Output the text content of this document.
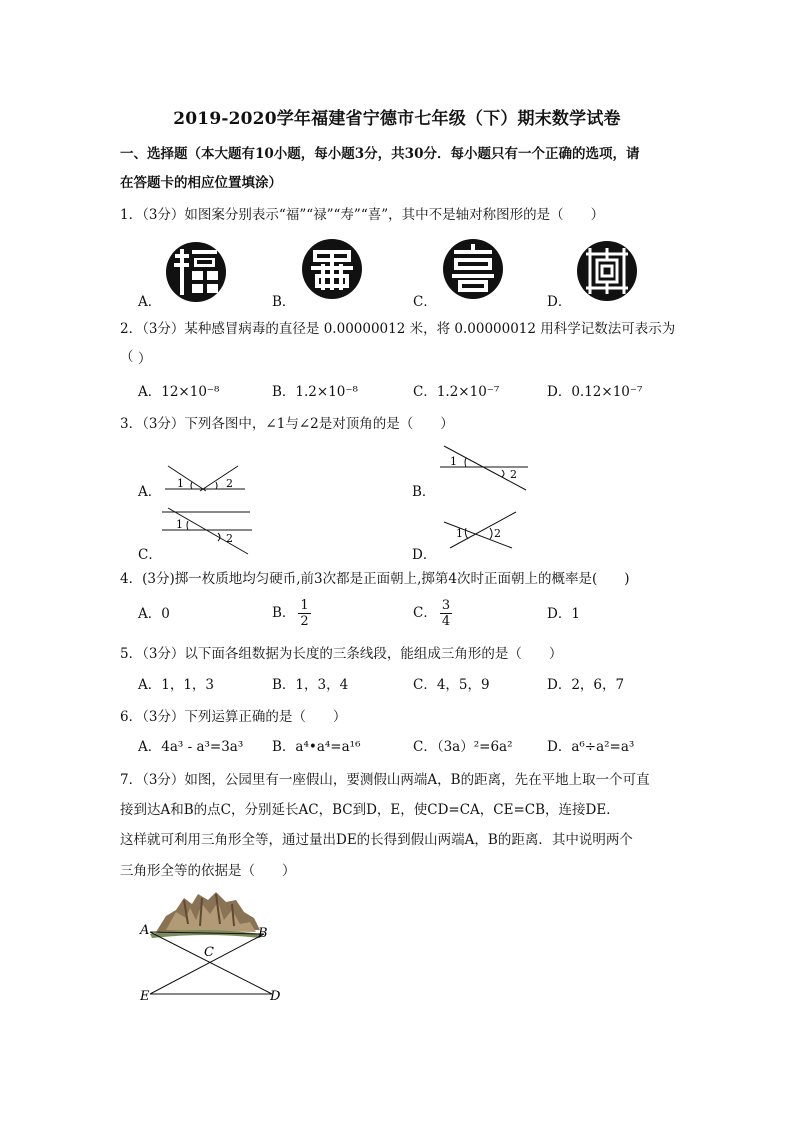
2019-2020学年福建省宁德市七年级（下）期末数学试卷
一、选择题（本大题有10小题，每小题3分，共30分．每小题只有一个正确的选项，请
在答题卡的相应位置填涂）
1．（3分）如图案分别表示“福”“禄”“寿”“喜”，其中不是轴对称图形的是（　　）
A．	B．	C．	D．
2．（3分）某种感冒病毒的直径是 0.00000012 米，将 0.00000012 用科学记数法可表示为（ ）
A．12×10⁻⁸	B．1.2×10⁻⁸	C．1.2×10⁻⁷	D．0.12×10⁻⁷
3．（3分）下列各图中，∠1与∠2是对顶角的是（　　）
1	2
A．
1
2
B．
1
2
C．
1	2
D．
4．(3分)掷一枚质地均匀硬币,前3次都是正面朝上,掷第4次时正面朝上的概率是(　　)
A．0	B． $\frac{1}{2}$	C． $\frac{3}{4}$	D．1
5．（3分）以下面各组数据为长度的三条线段，能组成三角形的是（　　）
A．1，1，3	B．1，3，4	C．4，5，9	D．2，6，7
6．（3分）下列运算正确的是（　　）
A．4a³ - a³=3a³ B．a⁴•a⁴=a¹⁶	C．（3a）²=6a²	D．a⁶÷a²=a³
7．（3分）如图，公园里有一座假山，要测假山两端A，B的距离，先在平地上取一个可直
接到达A和B的点C，分别延长AC，BC到D，E，使CD=CA，CE=CB，连接DE．
这样就可利用三角形全等，通过量出DE的长得到假山两端A，B的距离．其中说明两个
三角形全等的依据是（　　）
A	B
C
D
E
